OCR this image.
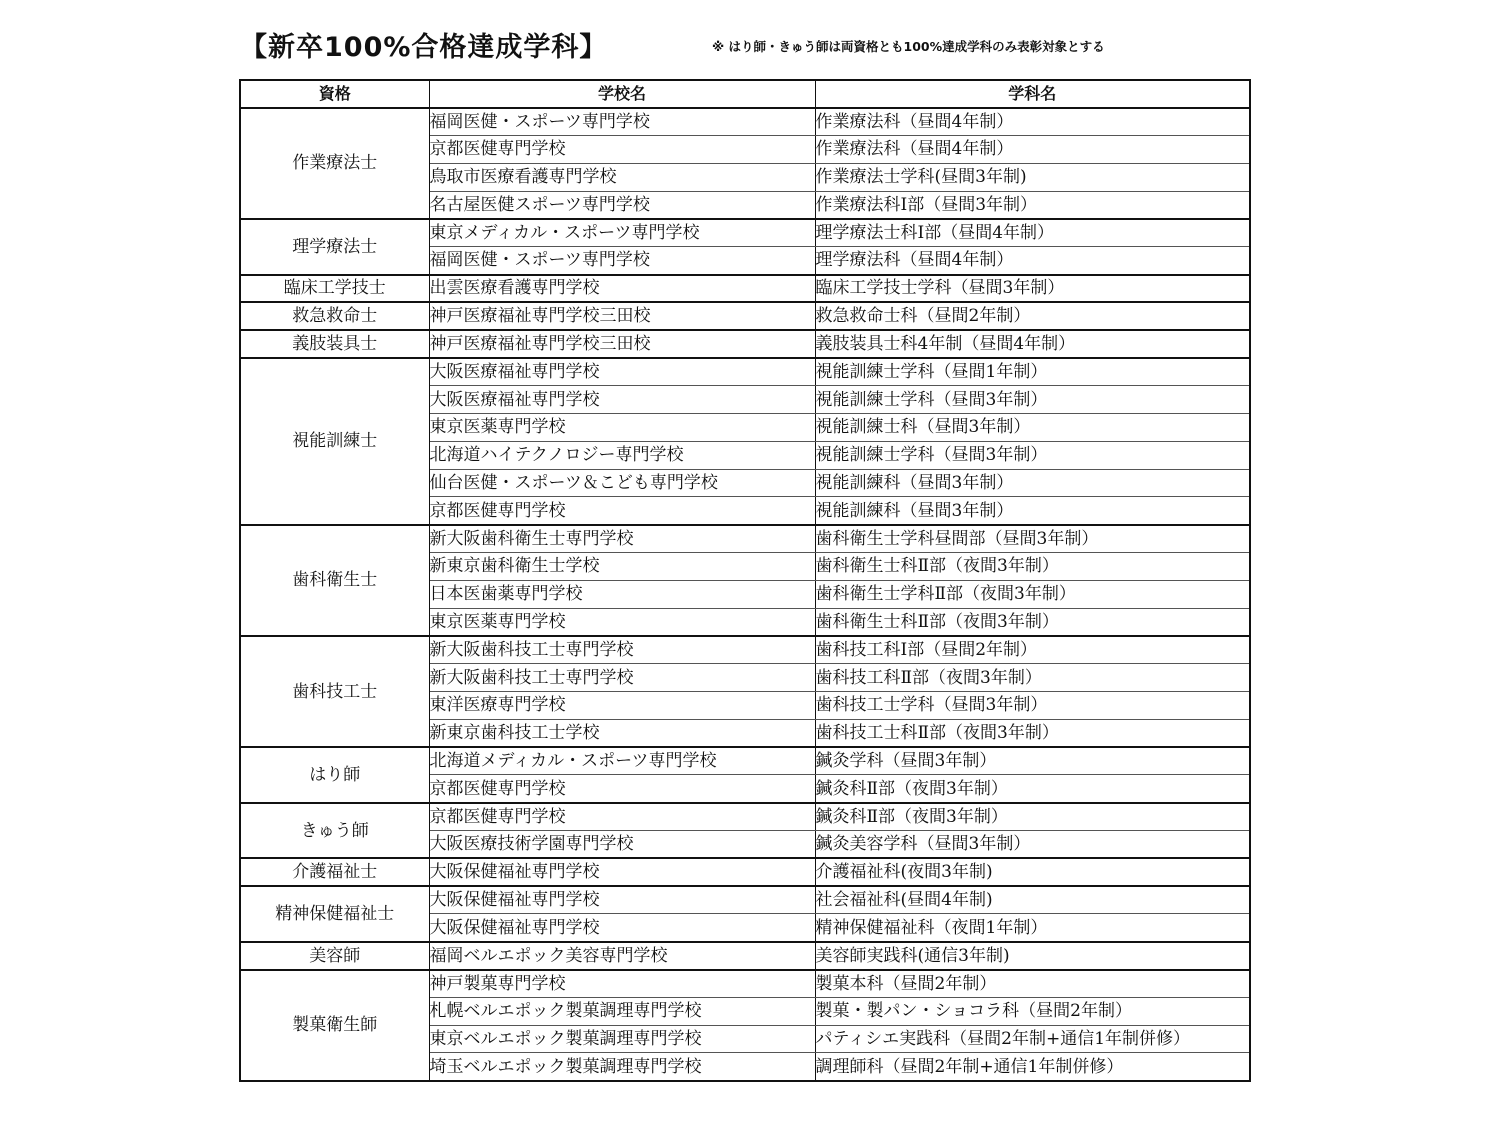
【新卒100%合格達成学科】	※ はり師・きゅう師は両資格とも100%達成学科のみ表彰対象とする
資格	学校名	学科名
作業療法士	福岡医健・スポーツ専門学校	作業療法科（昼間4年制）
	京都医健専門学校	作業療法科（昼間4年制）
	鳥取市医療看護専門学校	作業療法士学科(昼間3年制)
	名古屋医健スポーツ専門学校	作業療法科Ⅰ部（昼間3年制）
理学療法士	東京メディカル・スポーツ専門学校	理学療法士科Ⅰ部（昼間4年制）
	福岡医健・スポーツ専門学校	理学療法科（昼間4年制）
臨床工学技士	出雲医療看護専門学校	臨床工学技士学科（昼間3年制）
救急救命士	神戸医療福祉専門学校三田校	救急救命士科（昼間2年制）
義肢装具士	神戸医療福祉専門学校三田校	義肢装具士科4年制（昼間4年制）
視能訓練士	大阪医療福祉専門学校	視能訓練士学科（昼間1年制）
	大阪医療福祉専門学校	視能訓練士学科（昼間3年制）
	東京医薬専門学校	視能訓練士科（昼間3年制）
	北海道ハイテクノロジー専門学校	視能訓練士学科（昼間3年制）
	仙台医健・スポーツ＆こども専門学校	視能訓練科（昼間3年制）
	京都医健専門学校	視能訓練科（昼間3年制）
歯科衛生士	新大阪歯科衛生士専門学校	歯科衛生士学科昼間部（昼間3年制）
	新東京歯科衛生士学校	歯科衛生士科Ⅱ部（夜間3年制）
	日本医歯薬専門学校	歯科衛生士学科Ⅱ部（夜間3年制）
	東京医薬専門学校	歯科衛生士科Ⅱ部（夜間3年制）
歯科技工士	新大阪歯科技工士専門学校	歯科技工科Ⅰ部（昼間2年制）
	新大阪歯科技工士専門学校	歯科技工科Ⅱ部（夜間3年制）
	東洋医療専門学校	歯科技工士学科（昼間3年制）
	新東京歯科技工士学校	歯科技工士科Ⅱ部（夜間3年制）
はり師	北海道メディカル・スポーツ専門学校	鍼灸学科（昼間3年制）
	京都医健専門学校	鍼灸科Ⅱ部（夜間3年制）
きゅう師	京都医健専門学校	鍼灸科Ⅱ部（夜間3年制）
	大阪医療技術学園専門学校	鍼灸美容学科（昼間3年制）
介護福祉士	大阪保健福祉専門学校	介護福祉科(夜間3年制)
精神保健福祉士	大阪保健福祉専門学校	社会福祉科(昼間4年制)
	大阪保健福祉専門学校	精神保健福祉科（夜間1年制）
美容師	福岡ベルエポック美容専門学校	美容師実践科(通信3年制)
製菓衛生師	神戸製菓専門学校	製菓本科（昼間2年制）
	札幌ベルエポック製菓調理専門学校	製菓・製パン・ショコラ科（昼間2年制）
	東京ベルエポック製菓調理専門学校	パティシエ実践科（昼間2年制+通信1年制併修）
	埼玉ベルエポック製菓調理専門学校	調理師科（昼間2年制+通信1年制併修）
